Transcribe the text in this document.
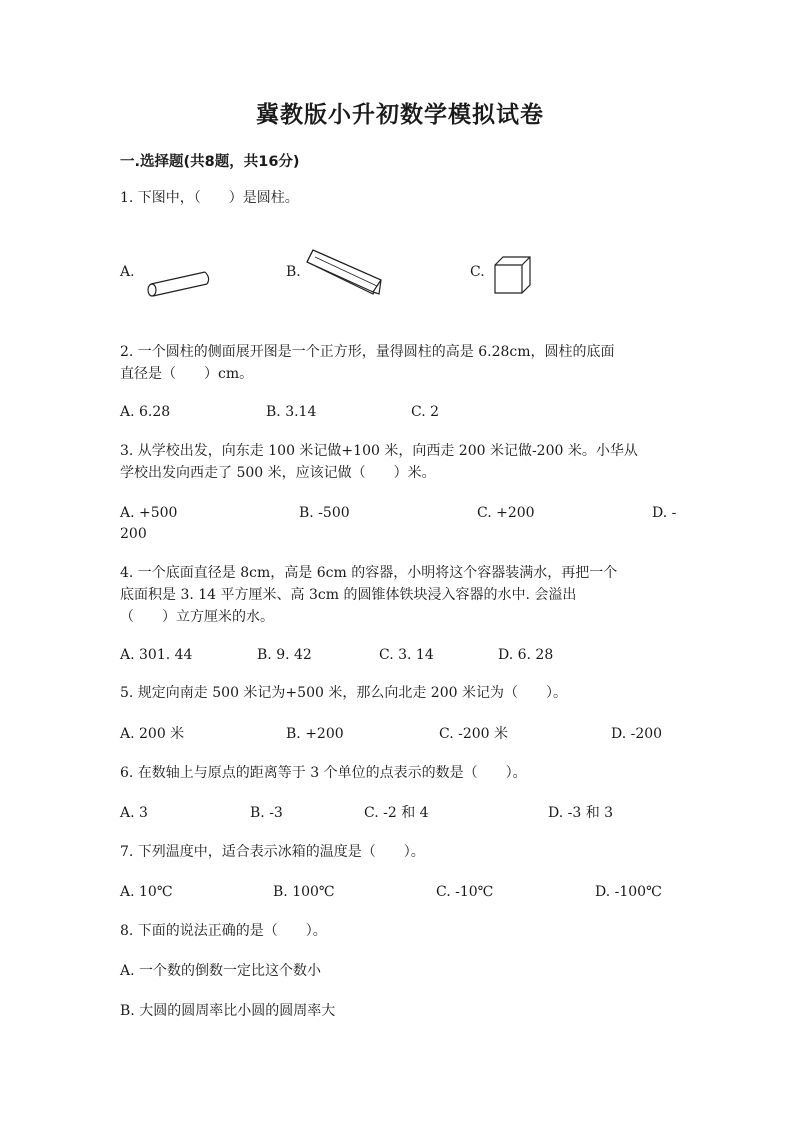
冀教版小升初数学模拟试卷
一.选择题(共8题，共16分)
1. 下图中，（　　）是圆柱。
A.	B.	C.
2. 一个圆柱的侧面展开图是一个正方形，量得圆柱的高是 6.28cm，圆柱的底面
直径是（　　）cm。
A. 6.28	B. 3.14	C. 2
3. 从学校出发，向东走 100 米记做+100 米，向西走 200 米记做-200 米。小华从
学校出发向西走了 500 米，应该记做（　　）米。
A. +500	B. -500	C. +200	D. -
200
4. 一个底面直径是 8cm，高是 6cm 的容器，小明将这个容器装满水，再把一个
底面积是 3. 14 平方厘米、高 3cm 的圆锥体铁块浸入容器的水中. 会溢出
（　　）立方厘米的水。
A. 301. 44	B. 9. 42	C. 3. 14	D. 6. 28
5. 规定向南走 500 米记为+500 米，那么向北走 200 米记为（　　）。
A. 200 米	B. +200	C. -200 米	D. -200
6. 在数轴上与原点的距离等于 3 个单位的点表示的数是（　　）。
A. 3	B. -3	C. -2 和 4	D. -3 和 3
7. 下列温度中，适合表示冰箱的温度是（　　）。
A. 10℃	B. 100℃	C. -10℃	D. -100℃
8. 下面的说法正确的是（　　）。
A. 一个数的倒数一定比这个数小
B. 大圆的圆周率比小圆的圆周率大
